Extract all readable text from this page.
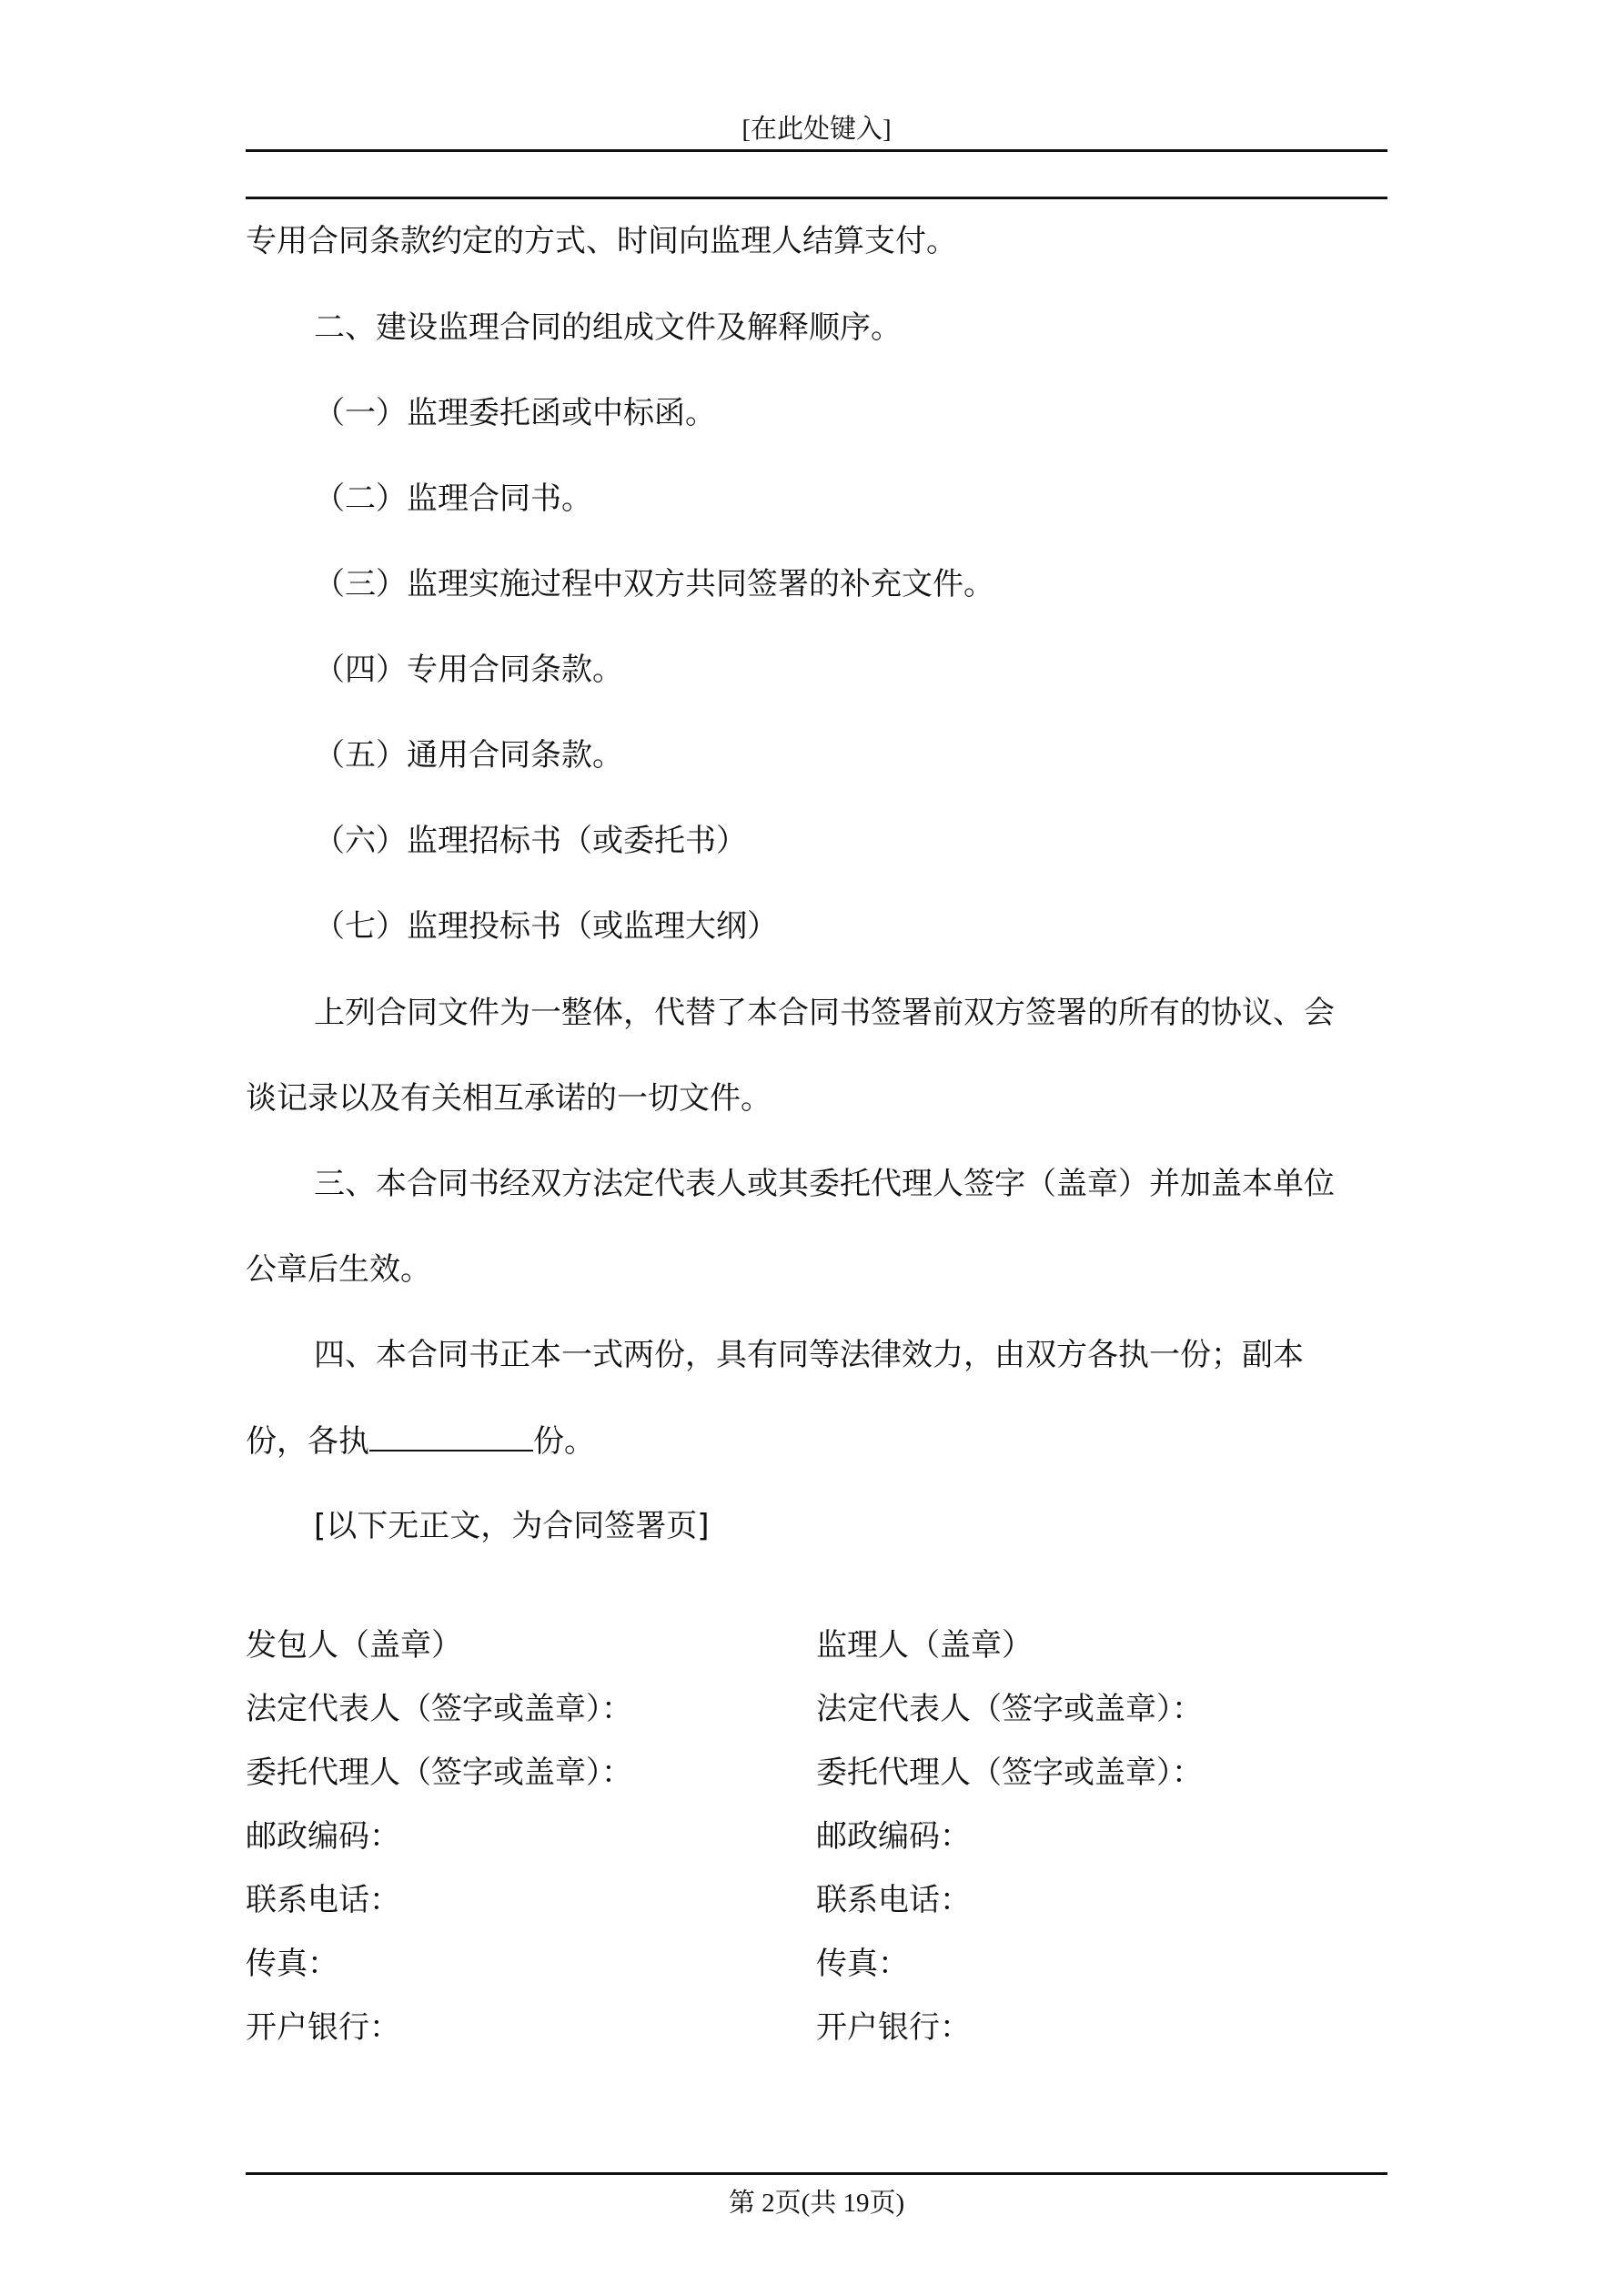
[在此处键入]
专用合同条款约定的方式、时间向监理人结算支付。
二、建设监理合同的组成文件及解释顺序。
（一）监理委托函或中标函。
（二）监理合同书。
（三）监理实施过程中双方共同签署的补充文件。
（四）专用合同条款。
（五）通用合同条款。
（六）监理招标书（或委托书）
（七）监理投标书（或监理大纲）
上列合同文件为一整体，代替了本合同书签署前双方签署的所有的协议、会
谈记录以及有关相互承诺的一切文件。
三、本合同书经双方法定代表人或其委托代理人签字（盖章）并加盖本单位
公章后生效。
四、本合同书正本一式两份，具有同等法律效力，由双方各执一份；副本
份，各执	份。
[以下无正文，为合同签署页]
发包人（盖章）
法定代表人（签字或盖章）：
委托代理人（签字或盖章）：
邮政编码：
联系电话：
传真：
开户银行：
监理人（盖章）
法定代表人（签字或盖章）：
委托代理人（签字或盖章）：
邮政编码：
联系电话：
传真：
开户银行：
第 2页(共 19页)
